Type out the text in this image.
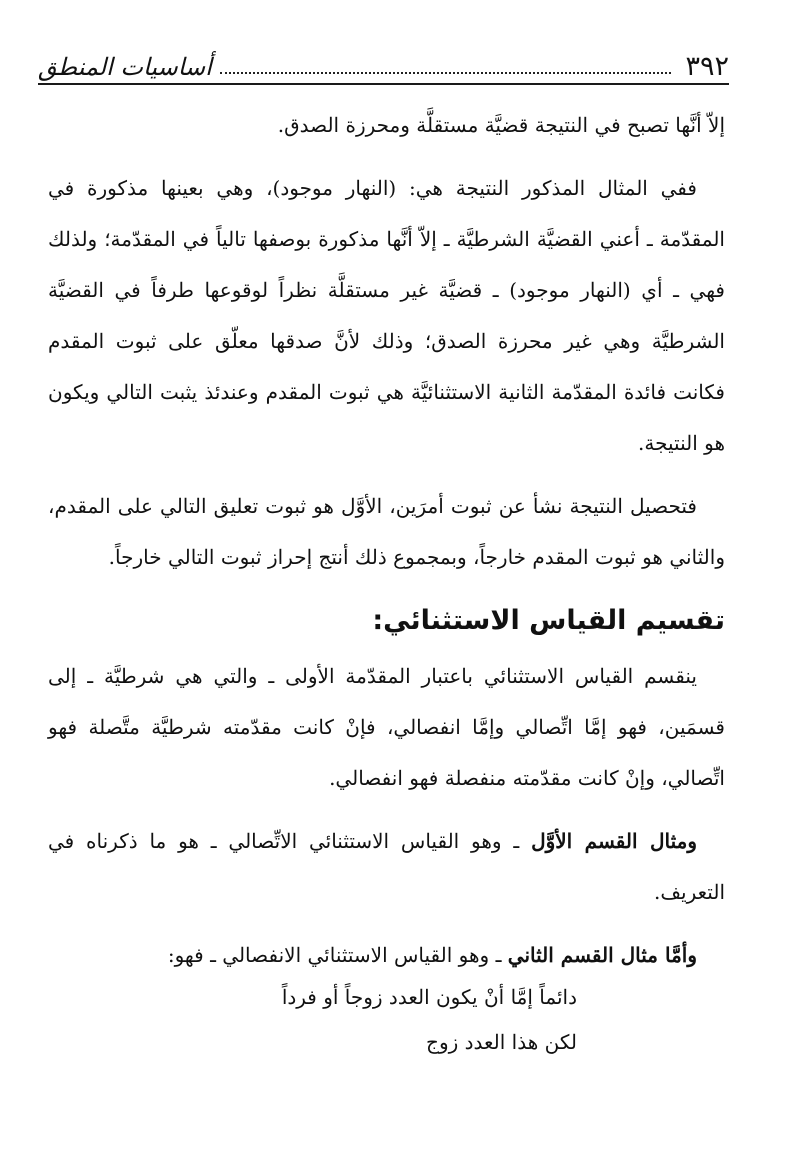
٣٩٢
أساسيات المنطق

إلاّ أنَّها تصبح في النتيجة قضيَّة مستقلَّة ومحرزة الصدق.

ففي المثال المذكور النتيجة هي: (النهار موجود)، وهي بعينها مذكورة في المقدّمة ـ أعني القضيَّة الشرطيَّة ـ إلاّ أنَّها مذكورة بوصفها تالياً في المقدّمة؛ ولذلك فهي ـ أي (النهار موجود) ـ قضيَّة غير مستقلَّة نظراً لوقوعها طرفاً في القضيَّة الشرطيَّة وهي غير محرزة الصدق؛ وذلك لأنَّ صدقها معلّق على ثبوت المقدم فكانت فائدة المقدّمة الثانية الاستثنائيَّة هي ثبوت المقدم وعندئذ يثبت التالي ويكون هو النتيجة.

فتحصيل النتيجة نشأ عن ثبوت أمرَين، الأوَّل هو ثبوت تعليق التالي على المقدم، والثاني هو ثبوت المقدم خارجاً، وبمجموع ذلك أنتج إحراز ثبوت التالي خارجاً.

تقسيم القياس الاستثنائي:

ينقسم القياس الاستثنائي باعتبار المقدّمة الأولى ـ والتي هي شرطيَّة ـ إلى قسمَين، فهو إمَّا اتِّصالي وإمَّا انفصالي، فإنْ كانت مقدّمته شرطيَّة متَّصلة فهو اتِّصالي، وإنْ كانت مقدّمته منفصلة فهو انفصالي.

ومثال القسم الأوَّل ـ وهو القياس الاستثنائي الاتِّصالي ـ هو ما ذكرناه في التعريف.

وأمَّا مثال القسم الثاني ـ وهو القياس الاستثنائي الانفصالي ـ فهو:

دائماً إمَّا أنْ يكون العدد زوجاً أو فرداً
لكن هذا العدد زوج
